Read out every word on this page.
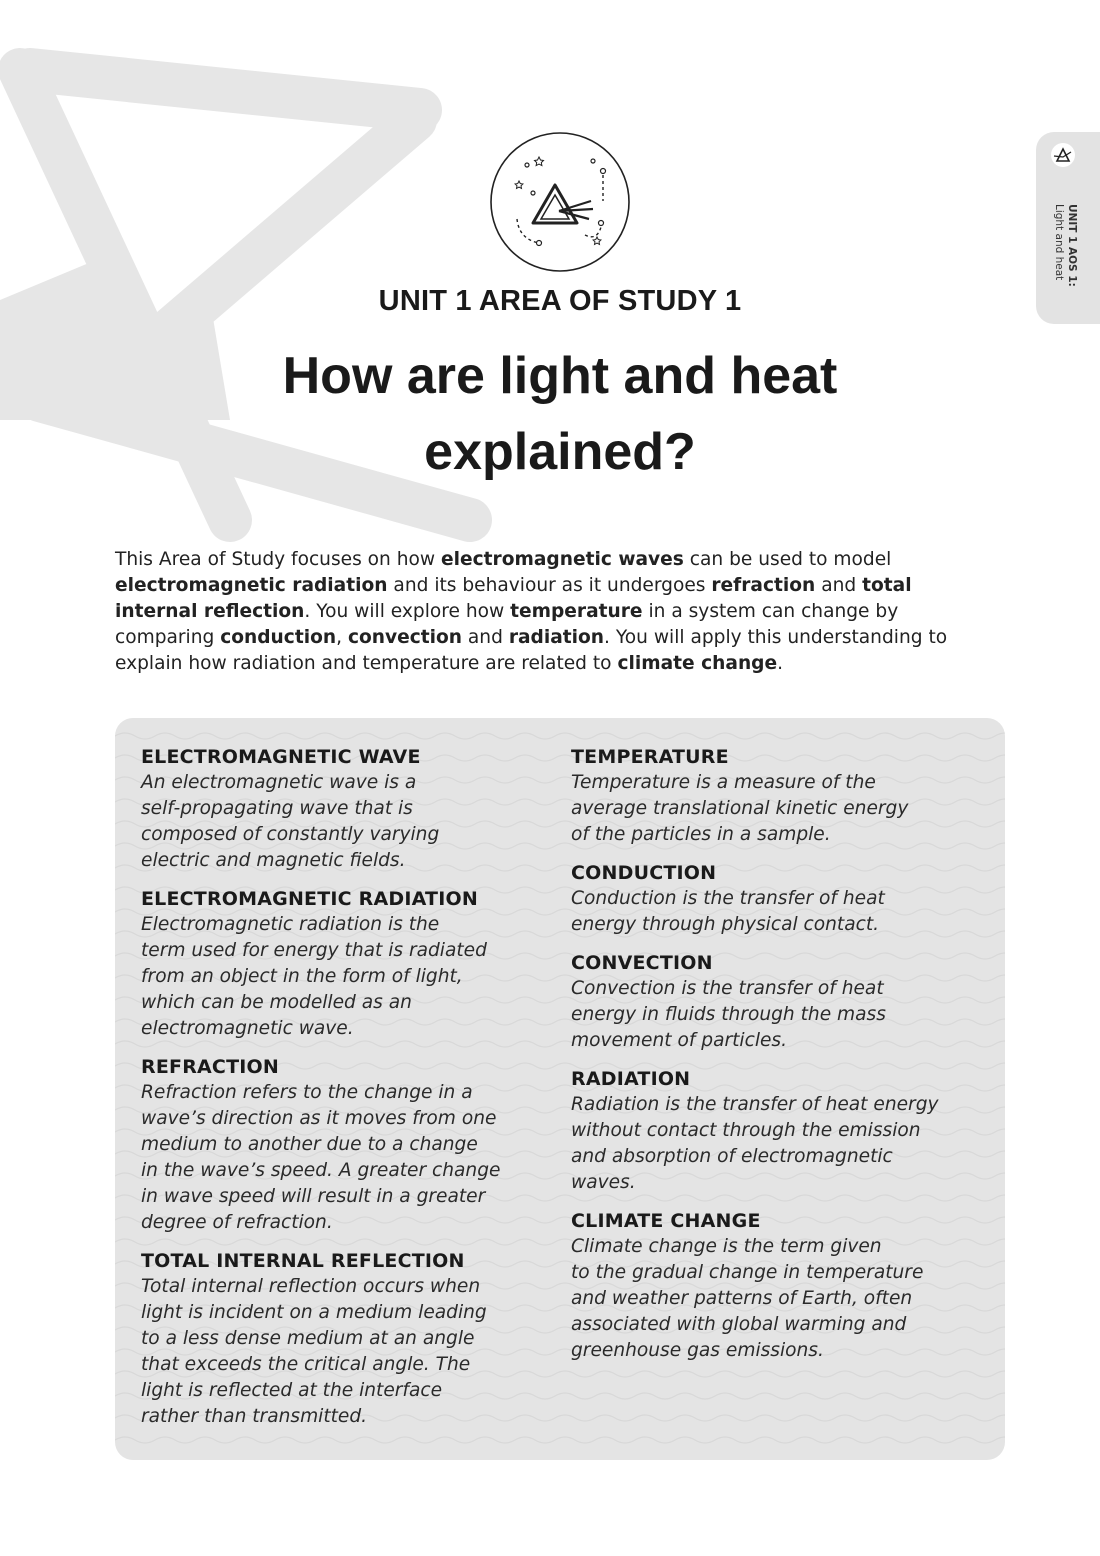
UNIT 1 AOS 1:
Light and heat
UNIT 1 AREA OF STUDY 1
How are light and heat
explained?

This Area of Study focuses on how electromagnetic waves can be used to model electromagnetic radiation and its behaviour as it undergoes refraction and total internal reflection. You will explore how temperature in a system can change by comparing conduction, convection and radiation. You will apply this understanding to explain how radiation and temperature are related to climate change.

ELECTROMAGNETIC WAVE
An electromagnetic wave is a
self-propagating wave that is
composed of constantly varying
electric and magnetic fields.
ELECTROMAGNETIC RADIATION
Electromagnetic radiation is the
term used for energy that is radiated
from an object in the form of light,
which can be modelled as an
electromagnetic wave.
REFRACTION
Refraction refers to the change in a
wave’s direction as it moves from one
medium to another due to a change
in the wave’s speed. A greater change
in wave speed will result in a greater
degree of refraction.
TOTAL INTERNAL REFLECTION
Total internal reflection occurs when
light is incident on a medium leading
to a less dense medium at an angle
that exceeds the critical angle. The
light is reflected at the interface
rather than transmitted.
TEMPERATURE
Temperature is a measure of the
average translational kinetic energy
of the particles in a sample.
CONDUCTION
Conduction is the transfer of heat
energy through physical contact.
CONVECTION
Convection is the transfer of heat
energy in fluids through the mass
movement of particles.
RADIATION
Radiation is the transfer of heat energy
without contact through the emission
and absorption of electromagnetic
waves.
CLIMATE CHANGE
Climate change is the term given
to the gradual change in temperature
and weather patterns of Earth, often
associated with global warming and
greenhouse gas emissions.
